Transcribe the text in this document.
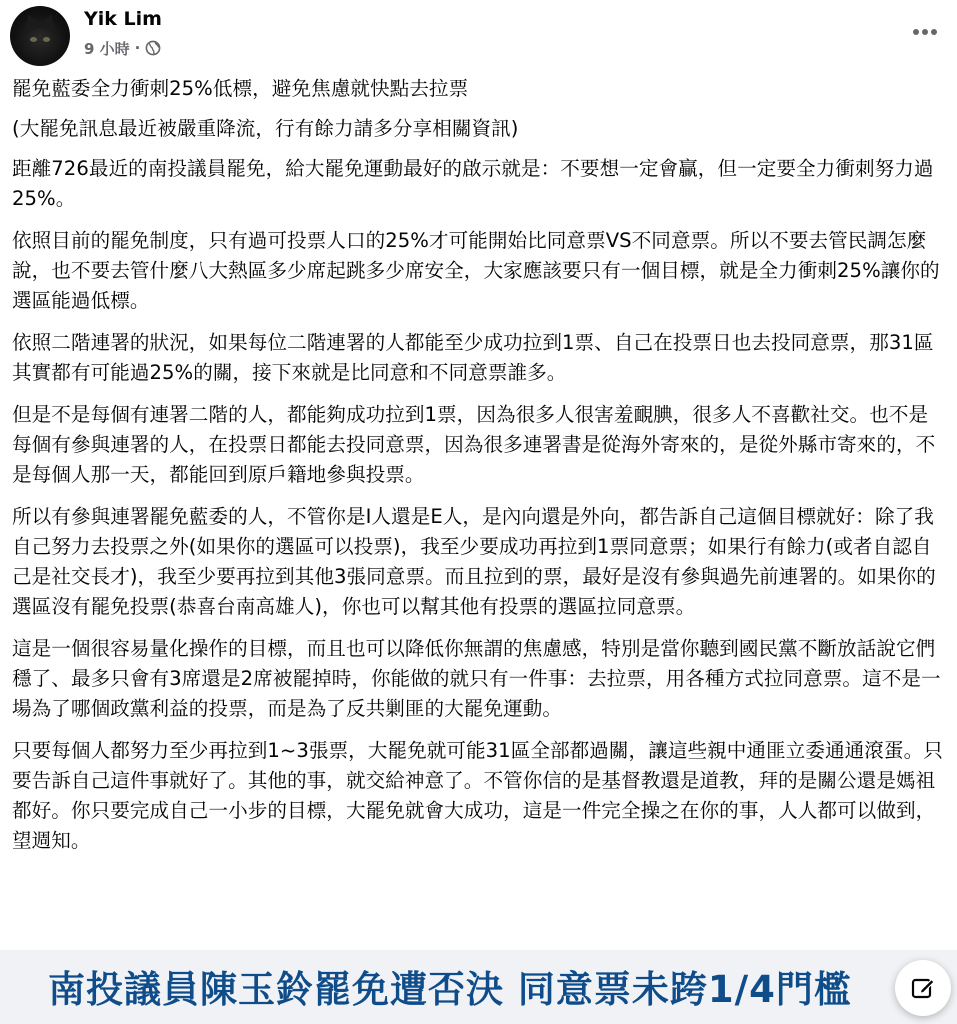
Yik Lim
9 小時 ·

罷免藍委全力衝刺25%低標，避免焦慮就快點去拉票

(大罷免訊息最近被嚴重降流，行有餘力請多分享相關資訊)

距離726最近的南投議員罷免，給大罷免運動最好的啟示就是：不要想一定會贏，但一定要全力衝刺努力過25%。

依照目前的罷免制度，只有過可投票人口的25%才可能開始比同意票VS不同意票。所以不要去管民調怎麼說，也不要去管什麼八大熱區多少席起跳多少席安全，大家應該要只有一個目標，就是全力衝刺25%讓你的選區能過低標。

依照二階連署的狀況，如果每位二階連署的人都能至少成功拉到1票、自己在投票日也去投同意票，那31區其實都有可能過25%的關，接下來就是比同意和不同意票誰多。

但是不是每個有連署二階的人，都能夠成功拉到1票，因為很多人很害羞靦腆，很多人不喜歡社交。也不是每個有參與連署的人，在投票日都能去投同意票，因為很多連署書是從海外寄來的，是從外縣市寄來的，不是每個人那一天，都能回到原戶籍地參與投票。

所以有參與連署罷免藍委的人，不管你是I人還是E人，是內向還是外向，都告訴自己這個目標就好：除了我自己努力去投票之外(如果你的選區可以投票)，我至少要成功再拉到1票同意票；如果行有餘力(或者自認自己是社交長才)，我至少要再拉到其他3張同意票。而且拉到的票，最好是沒有參與過先前連署的。如果你的選區沒有罷免投票(恭喜台南高雄人)，你也可以幫其他有投票的選區拉同意票。

這是一個很容易量化操作的目標，而且也可以降低你無謂的焦慮感，特別是當你聽到國民黨不斷放話說它們穩了、最多只會有3席還是2席被罷掉時，你能做的就只有一件事：去拉票，用各種方式拉同意票。這不是一場為了哪個政黨利益的投票，而是為了反共剿匪的大罷免運動。

只要每個人都努力至少再拉到1~3張票，大罷免就可能31區全部都過關，讓這些親中通匪立委通通滾蛋。只要告訴自己這件事就好了。其他的事，就交給神意了。不管你信的是基督教還是道教，拜的是關公還是媽祖都好。你只要完成自己一小步的目標，大罷免就會大成功，這是一件完全操之在你的事，人人都可以做到，望週知。

南投議員陳玉鈴罷免遭否決 同意票未跨1/4門檻
